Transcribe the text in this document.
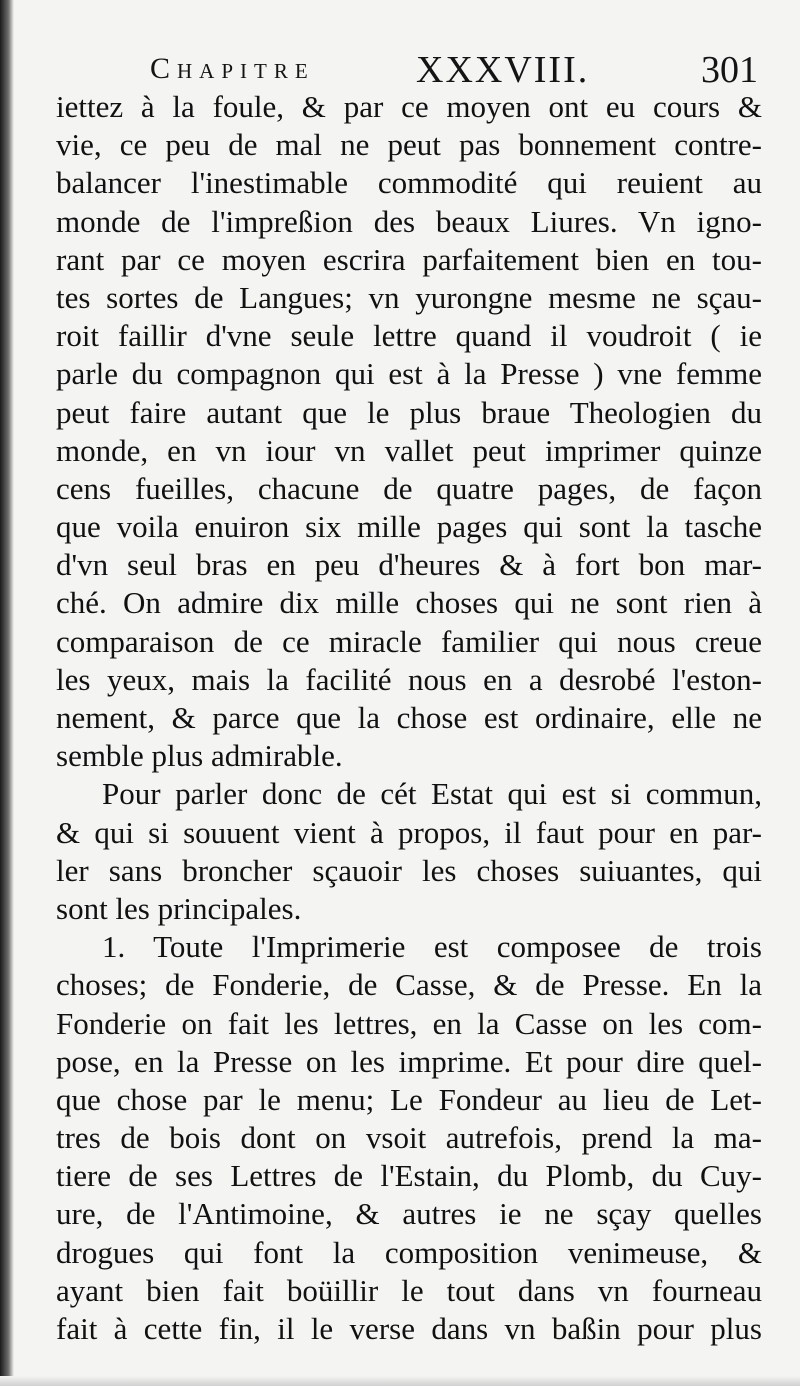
Chapitre	XXXVIII.	301
iettez à la foule, & par ce moyen ont eu cours &
vie, ce peu de mal ne peut pas bonnement contre-
balancer l'inestimable commodité qui reuient au
monde de l'impreßion des beaux Liures. Vn igno-
rant par ce moyen escrira parfaitement bien en tou-
tes sortes de Langues; vn yurongne mesme ne sçau-
roit faillir d'vne seule lettre quand il voudroit ( ie
parle du compagnon qui est à la Presse ) vne femme
peut faire autant que le plus braue Theologien du
monde, en vn iour vn vallet peut imprimer quinze
cens fueilles, chacune de quatre pages, de façon
que voila enuiron six mille pages qui sont la tasche
d'vn seul bras en peu d'heures & à fort bon mar-
ché. On admire dix mille choses qui ne sont rien à
comparaison de ce miracle familier qui nous creue
les yeux, mais la facilité nous en a desrobé l'eston-
nement, & parce que la chose est ordinaire, elle ne
semble plus admirable.
Pour parler donc de cét Estat qui est si commun,
& qui si souuent vient à propos, il faut pour en par-
ler sans broncher sçauoir les choses suiuantes, qui
sont les principales.
1. Toute l'Imprimerie est composee de trois
choses; de Fonderie, de Casse, & de Presse. En la
Fonderie on fait les lettres, en la Casse on les com-
pose, en la Presse on les imprime. Et pour dire quel-
que chose par le menu; Le Fondeur au lieu de Let-
tres de bois dont on vsoit autrefois, prend la ma-
tiere de ses Lettres de l'Estain, du Plomb, du Cuy-
ure, de l'Antimoine, & autres ie ne sçay quelles
drogues qui font la composition venimeuse, &
ayant bien fait boüillir le tout dans vn fourneau
fait à cette fin, il le verse dans vn baßin pour plus
